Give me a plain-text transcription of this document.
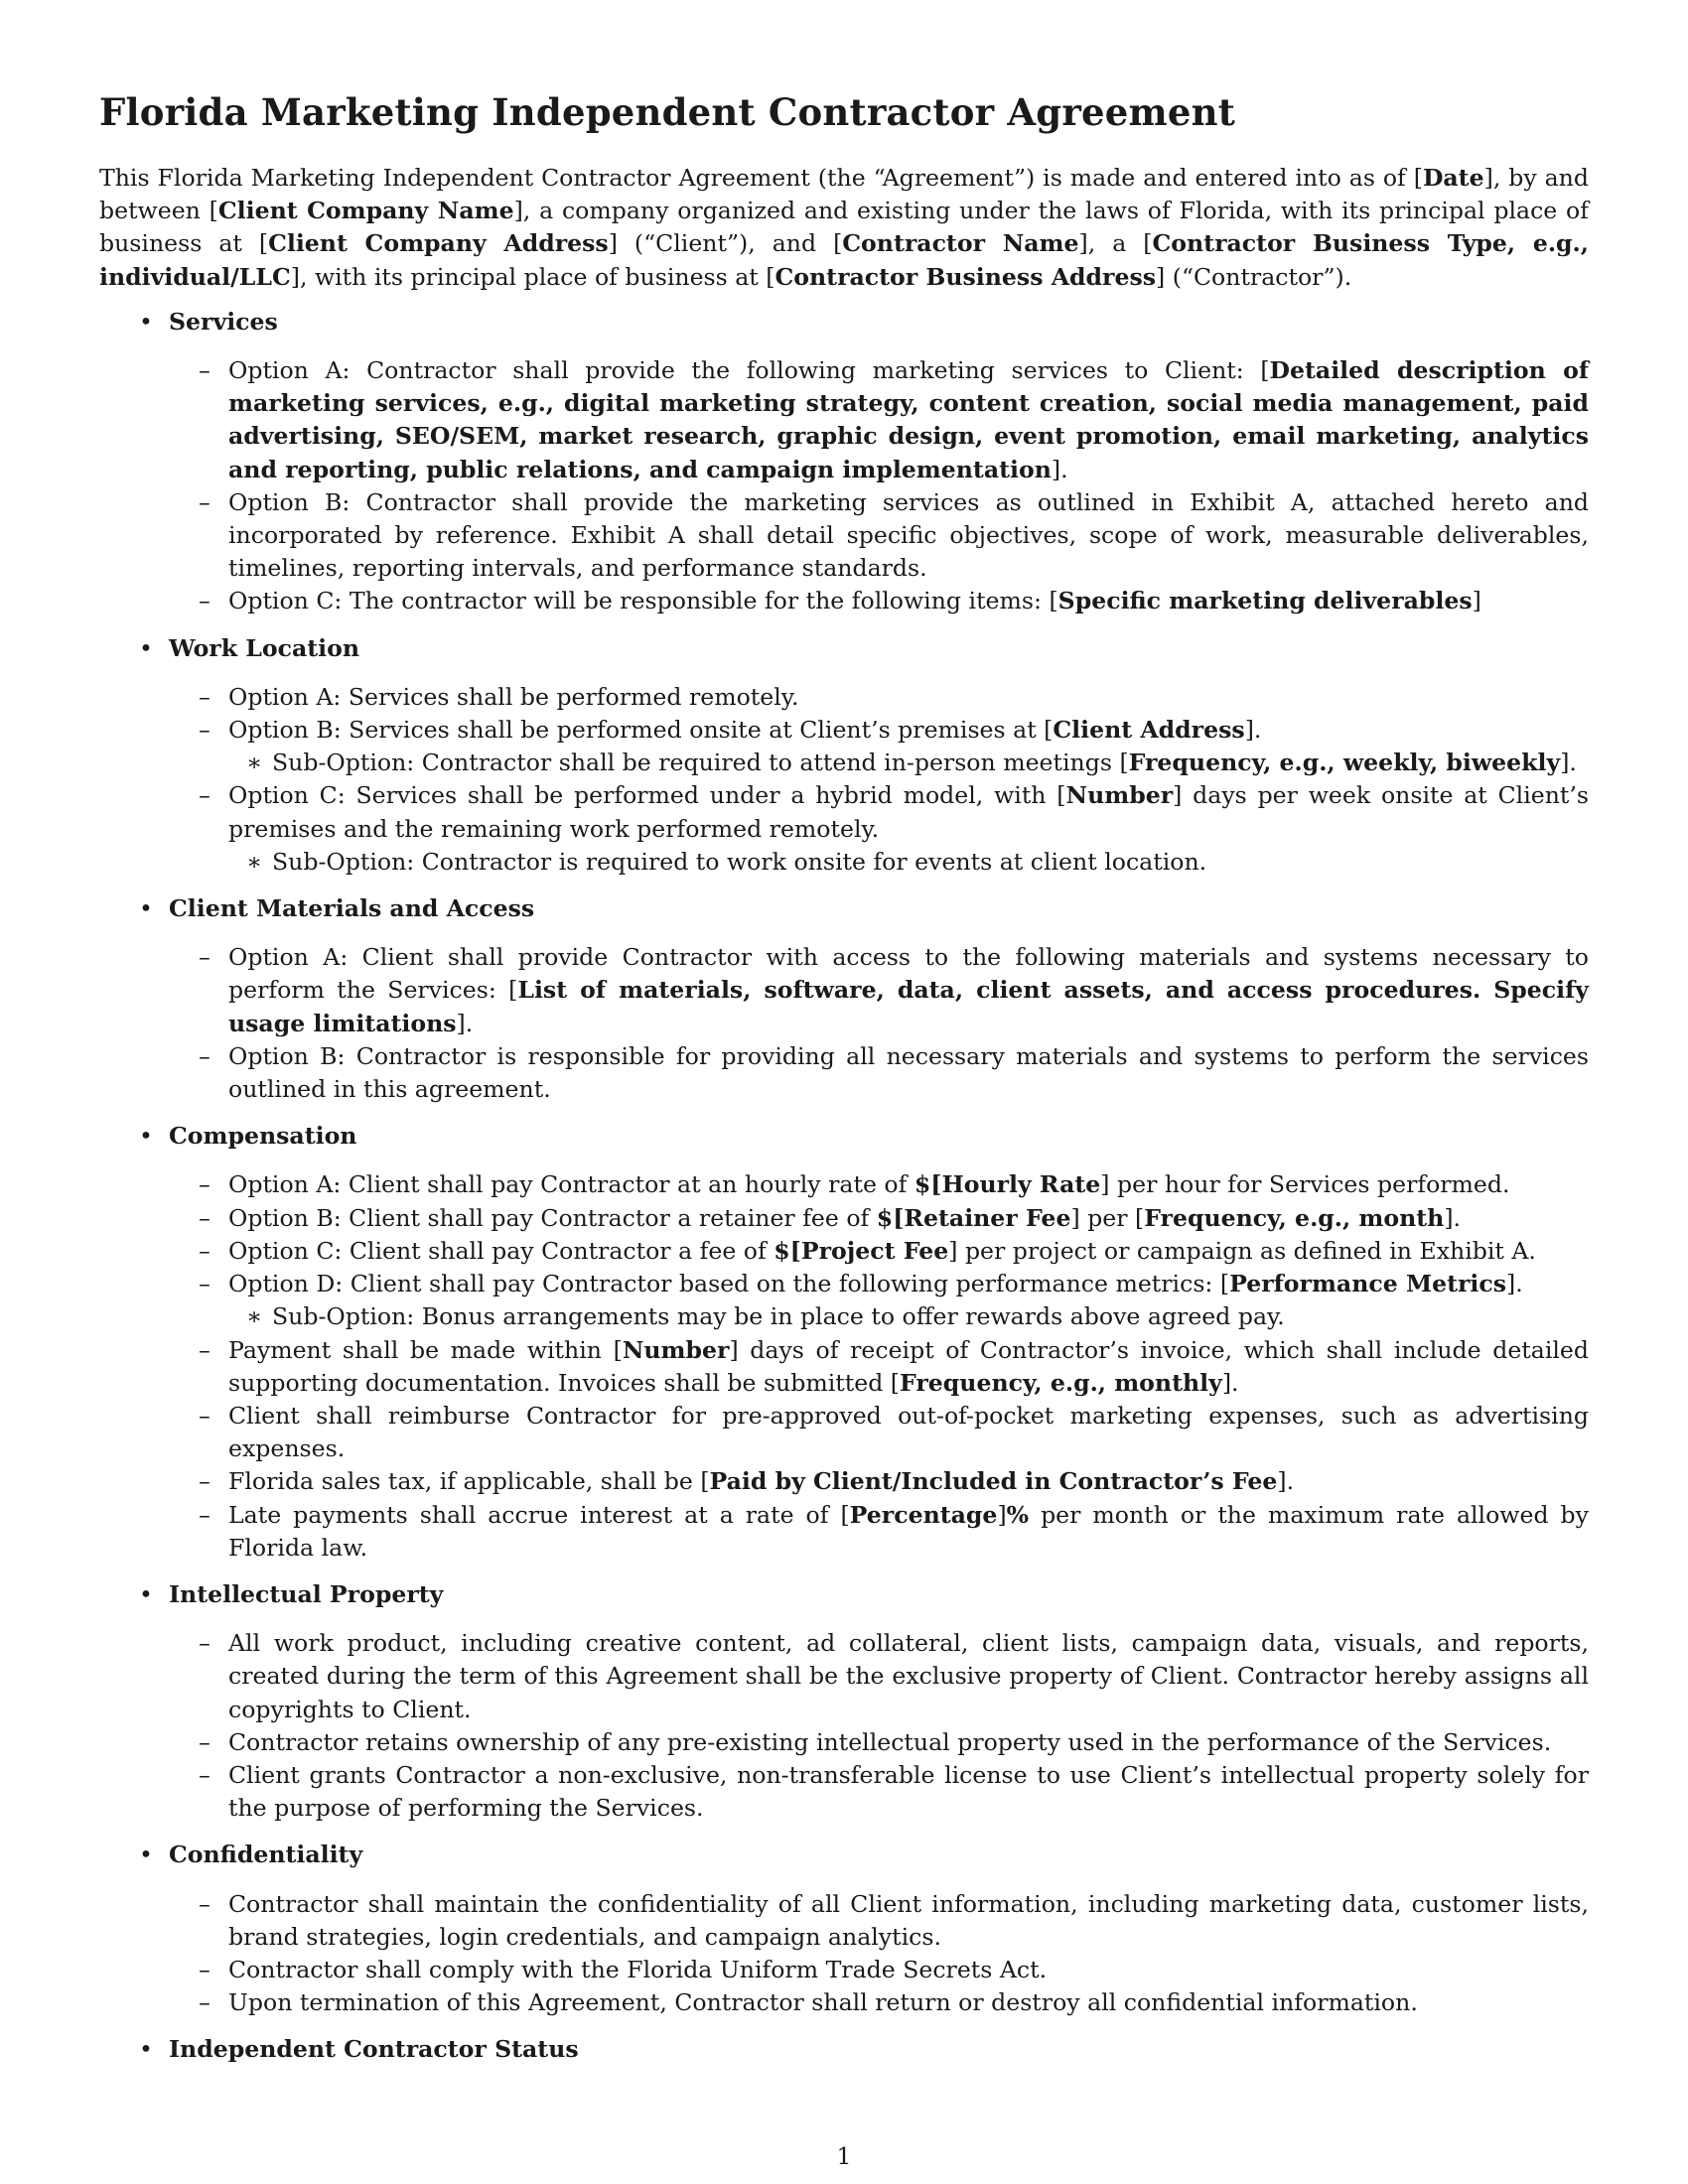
Florida Marketing Independent Contractor Agreement

This Florida Marketing Independent Contractor Agreement (the “Agreement”) is made and entered into as of [Date], by and between [Client Company Name], a company organized and existing under the laws of Florida, with its principal place of business at [Client Company Address] (“Client”), and [Contractor Name], a [Contractor Business Type, e.g., individual/LLC], with its principal place of business at [Contractor Business Address] (“Contractor”).

• Services
– Option A: Contractor shall provide the following marketing services to Client: [Detailed description of marketing services, e.g., digital marketing strategy, content creation, social media management, paid advertising, SEO/SEM, market research, graphic design, event promotion, email marketing, analytics and reporting, public relations, and campaign implementation].
– Option B: Contractor shall provide the marketing services as outlined in Exhibit A, attached hereto and incorporated by reference. Exhibit A shall detail specific objectives, scope of work, measurable deliverables, timelines, reporting intervals, and performance standards.
– Option C: The contractor will be responsible for the following items: [Specific marketing deliverables]
• Work Location
– Option A: Services shall be performed remotely.
– Option B: Services shall be performed onsite at Client’s premises at [Client Address].
∗ Sub-Option: Contractor shall be required to attend in-person meetings [Frequency, e.g., weekly, biweekly].
– Option C: Services shall be performed under a hybrid model, with [Number] days per week onsite at Client’s premises and the remaining work performed remotely.
∗ Sub-Option: Contractor is required to work onsite for events at client location.
• Client Materials and Access
– Option A: Client shall provide Contractor with access to the following materials and systems necessary to perform the Services: [List of materials, software, data, client assets, and access procedures. Specify usage limitations].
– Option B: Contractor is responsible for providing all necessary materials and systems to perform the services outlined in this agreement.
• Compensation
– Option A: Client shall pay Contractor at an hourly rate of $[Hourly Rate] per hour for Services performed.
– Option B: Client shall pay Contractor a retainer fee of $[Retainer Fee] per [Frequency, e.g., month].
– Option C: Client shall pay Contractor a fee of $[Project Fee] per project or campaign as defined in Exhibit A.
– Option D: Client shall pay Contractor based on the following performance metrics: [Performance Metrics].
∗ Sub-Option: Bonus arrangements may be in place to offer rewards above agreed pay.
– Payment shall be made within [Number] days of receipt of Contractor’s invoice, which shall include detailed supporting documentation. Invoices shall be submitted [Frequency, e.g., monthly].
– Client shall reimburse Contractor for pre-approved out-of-pocket marketing expenses, such as advertising expenses.
– Florida sales tax, if applicable, shall be [Paid by Client/Included in Contractor’s Fee].
– Late payments shall accrue interest at a rate of [Percentage]% per month or the maximum rate allowed by Florida law.
• Intellectual Property
– All work product, including creative content, ad collateral, client lists, campaign data, visuals, and reports, created during the term of this Agreement shall be the exclusive property of Client. Contractor hereby assigns all copyrights to Client.
– Contractor retains ownership of any pre-existing intellectual property used in the performance of the Services.
– Client grants Contractor a non-exclusive, non-transferable license to use Client’s intellectual property solely for the purpose of performing the Services.
• Confidentiality
– Contractor shall maintain the confidentiality of all Client information, including marketing data, customer lists, brand strategies, login credentials, and campaign analytics.
– Contractor shall comply with the Florida Uniform Trade Secrets Act.
– Upon termination of this Agreement, Contractor shall return or destroy all confidential information.
• Independent Contractor Status
1
